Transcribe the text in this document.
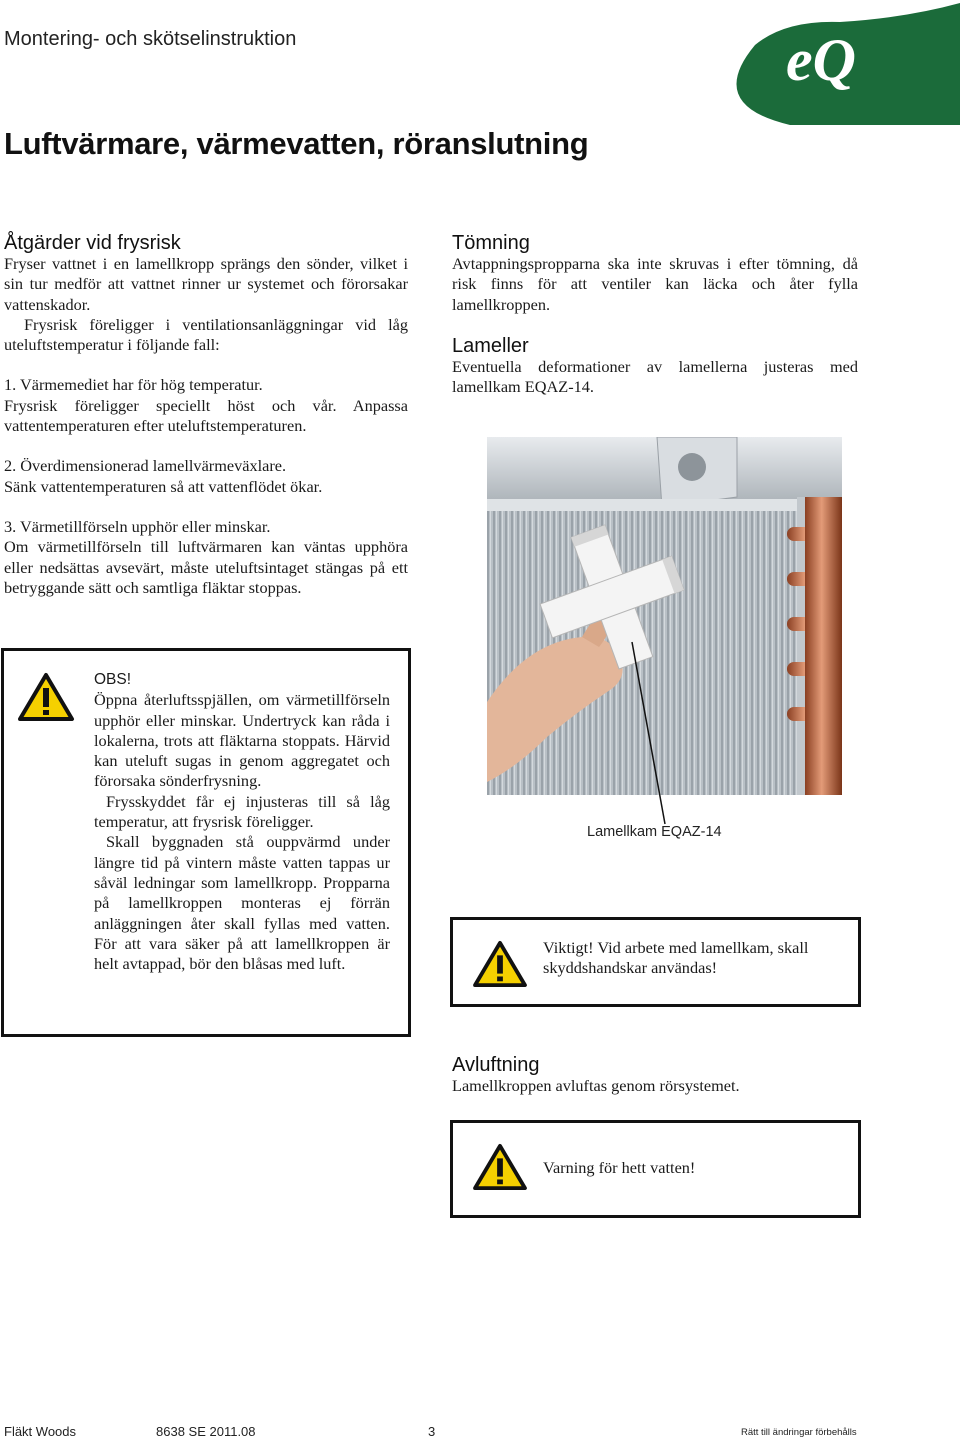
Montering- och skötselinstruktion	eQ
Luftvärmare, värmevatten, röranslutning
Åtgärder vid frysrisk

Fryser vattnet i en lamellkropp sprängs den sönder, vilket i sin tur medför att vattnet rinner ur systemet och förorsakar vattenskador.

Frysrisk föreligger i ventilationsanläggningar vid låg uteluftstemperatur i följande fall:

1. Värmemediet har för hög temperatur.

Frysrisk föreligger speciellt höst och vår. Anpassa vattentemperaturen efter uteluftstemperaturen.

2. Överdimensionerad lamellvärmeväxlare.

Sänk vattentemperaturen så att vattenflödet ökar.

3. Värmetillförseln upphör eller minskar.

Om värmetillförseln till luftvärmaren kan väntas upphöra eller nedsättas avsevärt, måste uteluftsintaget stängas på ett betryggande sätt och samtliga fläktar stoppas.

OBS!

Öppna återluftsspjällen, om värmetillförseln upphör eller minskar. Undertryck kan råda i lokalerna, trots att fläktarna stoppats. Härvid kan uteluft sugas in genom aggregatet och förorsaka sönderfrysning.

Frysskyddet får ej injusteras till så låg temperatur, att frysrisk föreligger.

Skall byggnaden stå ouppvärmd under längre tid på vintern måste vatten tappas ur såväl ledningar som lamellkropp. Propparna på lamellkroppen monteras ej förrän anläggningen åter skall fyllas med vatten. För att vara säker på att lamellkroppen är helt avtappad, bör den blåsas med luft.

Tömning

Avtappningspropparna ska inte skruvas i efter tömning, då risk finns för att ventiler kan läcka och åter fylla lamellkroppen.

Lameller

Eventuella deformationer av lamellerna justeras med lamellkam EQAZ-14.

Lamellkam EQAZ-14

Viktigt! Vid arbete med lamellkam, skall skyddshandskar användas!

Avluftning

Lamellkroppen avluftas genom rörsystemet.

Varning för hett vatten!

Fläkt Woods	8638 SE 2011.08	3	Rätt till ändringar förbehålls
